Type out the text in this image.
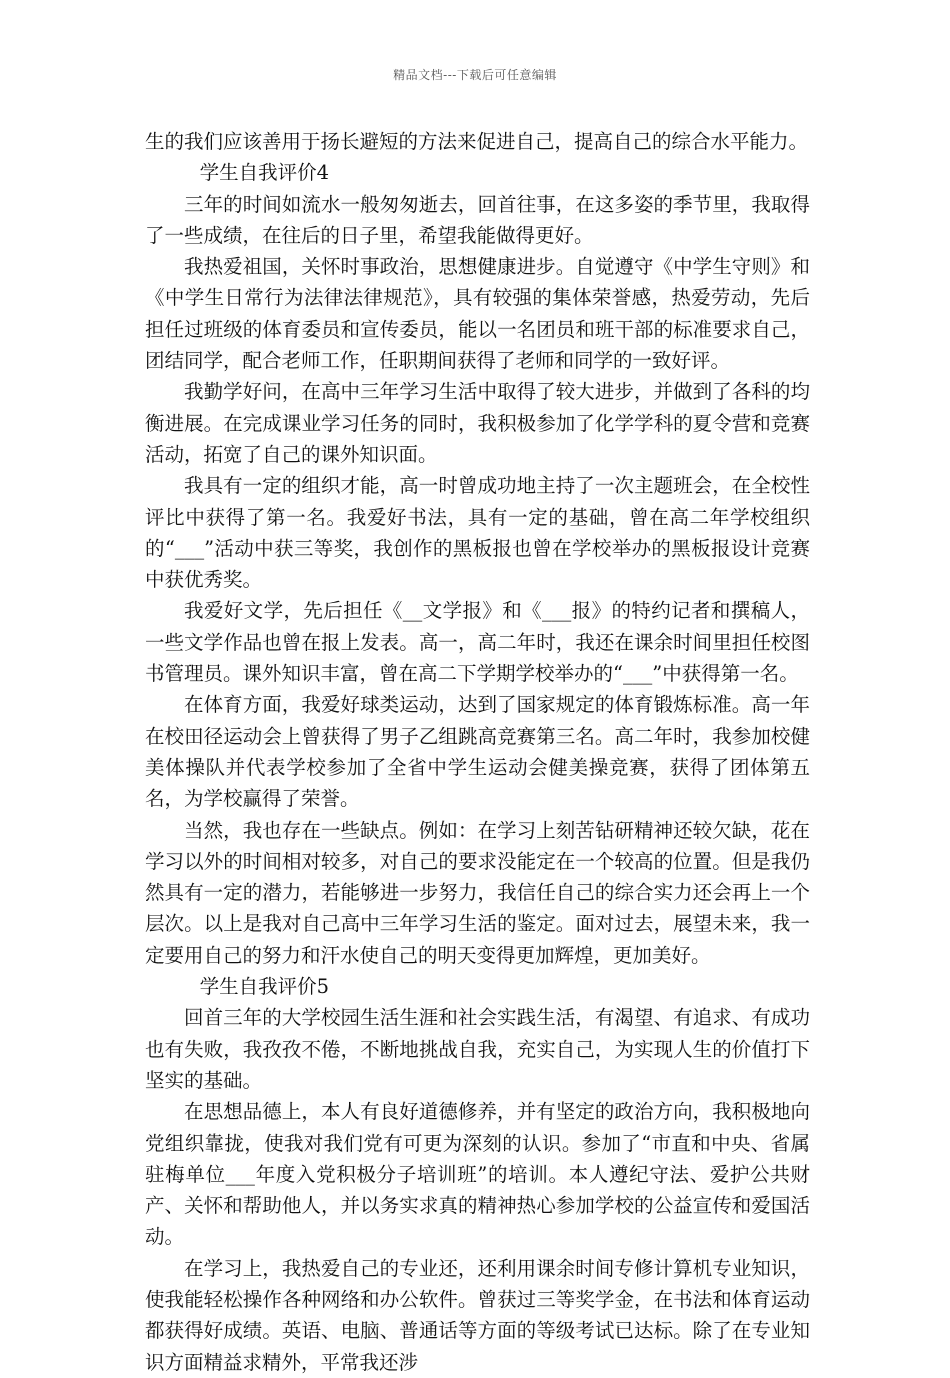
精品文档---下载后可任意编辑

生的我们应该善用于扬长避短的方法来促进自己，提高自己的综合水平能力。

学生自我评价4

三年的时间如流水一般匆匆逝去，回首往事，在这多姿的季节里，我取得了一些成绩，在往后的日子里，希望我能做得更好。

我热爱祖国，关怀时事政治，思想健康进步。自觉遵守《中学生守则》和《中学生日常行为法律法律规范》，具有较强的集体荣誉感，热爱劳动，先后担任过班级的体育委员和宣传委员，能以一名团员和班干部的标准要求自己，团结同学，配合老师工作，任职期间获得了老师和同学的一致好评。

我勤学好问，在高中三年学习生活中取得了较大进步，并做到了各科的均衡进展。在完成课业学习任务的同时，我积极参加了化学学科的夏令营和竞赛活动，拓宽了自己的课外知识面。

我具有一定的组织才能，高一时曾成功地主持了一次主题班会，在全校性评比中获得了第一名。我爱好书法，具有一定的基础，曾在高二年学校组织的“___”活动中获三等奖，我创作的黑板报也曾在学校举办的黑板报设计竞赛中获优秀奖。

我爱好文学，先后担任《__文学报》和《___报》的特约记者和撰稿人，一些文学作品也曾在报上发表。高一，高二年时，我还在课余时间里担任校图书管理员。课外知识丰富，曾在高二下学期学校举办的“___”中获得第一名。

在体育方面，我爱好球类运动，达到了国家规定的体育锻炼标准。高一年在校田径运动会上曾获得了男子乙组跳高竞赛第三名。高二年时，我参加校健美体操队并代表学校参加了全省中学生运动会健美操竞赛，获得了团体第五名，为学校赢得了荣誉。

当然，我也存在一些缺点。例如：在学习上刻苦钻研精神还较欠缺，花在学习以外的时间相对较多，对自己的要求没能定在一个较高的位置。但是我仍然具有一定的潜力，若能够进一步努力，我信任自己的综合实力还会再上一个层次。以上是我对自己高中三年学习生活的鉴定。面对过去，展望未来，我一定要用自己的努力和汗水使自己的明天变得更加辉煌，更加美好。

学生自我评价5

回首三年的大学校园生活生涯和社会实践生活，有渴望、有追求、有成功也有失败，我孜孜不倦，不断地挑战自我，充实自己，为实现人生的价值打下坚实的基础。

在思想品德上，本人有良好道德修养，并有坚定的政治方向，我积极地向党组织靠拢，使我对我们党有可更为深刻的认识。参加了“市直和中央、省属驻梅单位___年度入党积极分子培训班”的培训。本人遵纪守法、爱护公共财产、关怀和帮助他人，并以务实求真的精神热心参加学校的公益宣传和爱国活动。

在学习上，我热爱自己的专业还，还利用课余时间专修计算机专业知识，使我能轻松操作各种网络和办公软件。曾获过三等奖学金，在书法和体育运动都获得好成绩。英语、电脑、普通话等方面的等级考试已达标。除了在专业知识方面精益求精外，平常我还涉
